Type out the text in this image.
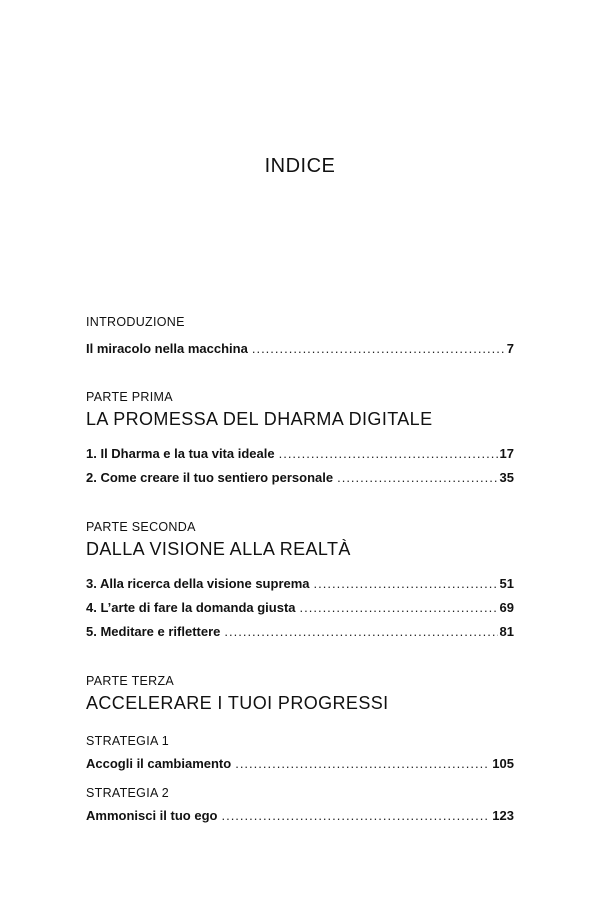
INDICE
INTRODUZIONE
Il miracolo nella macchina .....	7
PARTE PRIMA
LA PROMESSA DEL DHARMA DIGITALE
1. Il Dharma e la tua vita ideale .....	17
2. Come creare il tuo sentiero personale .....	35
PARTE SECONDA
DALLA VISIONE ALLA REALTÀ
3. Alla ricerca della visione suprema .....	51
4. L’arte di fare la domanda giusta .....	69
5. Meditare e riflettere .....	81
PARTE TERZA
ACCELERARE I TUOI PROGRESSI
STRATEGIA 1
Accogli il cambiamento .....	105
STRATEGIA 2
Ammonisci il tuo ego .....	123
